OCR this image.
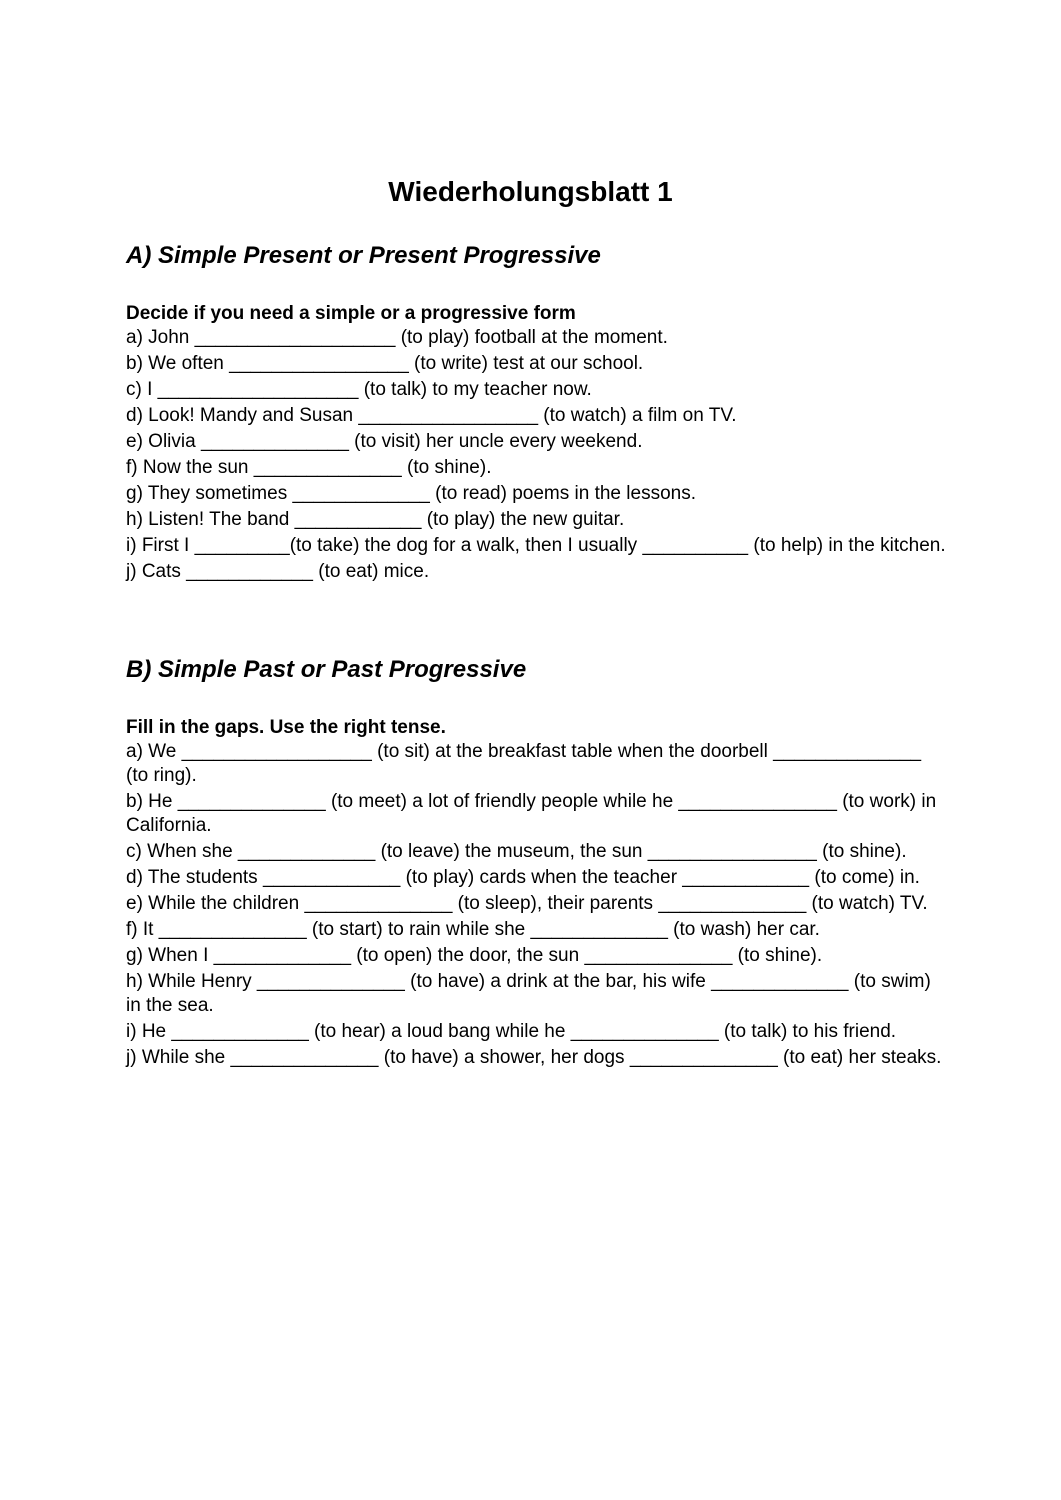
Wiederholungsblatt 1
A) Simple Present or Present Progressive

Decide if you need a simple or a progressive form

a) John ___________________ (to play) football at the moment.
b) We often _________________ (to write) test at our school.
c) I ___________________ (to talk) to my teacher now.
d) Look! Mandy and Susan _________________ (to watch) a film on TV.
e) Olivia ______________ (to visit) her uncle every weekend.
f) Now the sun ______________ (to shine).
g) They sometimes _____________ (to read) poems in the lessons.
h) Listen! The band ____________ (to play) the new guitar.
i) First I _________(to take) the dog for a walk, then I usually __________ (to help) in the kitchen.
j) Cats ____________ (to eat) mice.
B) Simple Past or Past Progressive

Fill in the gaps. Use the right tense.

a) We __________________ (to sit) at the breakfast table when the doorbell ______________ (to ring).
b) He ______________ (to meet) a lot of friendly people while he _______________ (to work) in California.
c) When she _____________ (to leave) the museum, the sun ________________ (to shine).
d) The students _____________ (to play) cards when the teacher ____________ (to come) in.
e) While the children ______________ (to sleep), their parents ______________ (to watch) TV.
f) It ______________ (to start) to rain while she _____________ (to wash) her car.
g) When I _____________ (to open) the door, the sun ______________ (to shine).
h) While Henry ______________ (to have) a drink at the bar, his wife _____________ (to swim) in the sea.
i) He _____________ (to hear) a loud bang while he ______________ (to talk) to his friend.
j) While she ______________ (to have) a shower, her dogs ______________ (to eat) her steaks.
